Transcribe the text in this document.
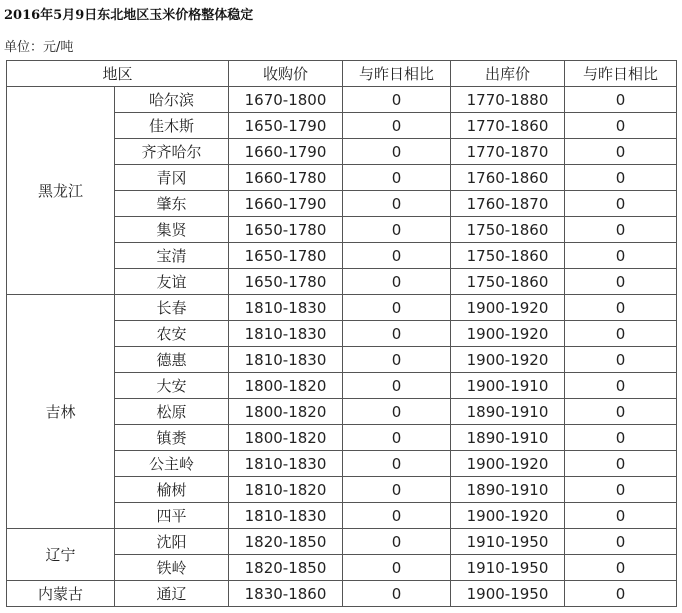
2016年5月9日东北地区玉米价格整体稳定
单位：元/吨
地区		收购价	与昨日相比	出库价	与昨日相比
黑龙江	哈尔滨	1670-1800	0	1770-1880	0
	佳木斯	1650-1790	0	1770-1860	0
	齐齐哈尔	1660-1790	0	1770-1870	0
	青冈	1660-1780	0	1760-1860	0
	肇东	1660-1790	0	1760-1870	0
	集贤	1650-1780	0	1750-1860	0
	宝清	1650-1780	0	1750-1860	0
	友谊	1650-1780	0	1750-1860	0
吉林	长春	1810-1830	0	1900-1920	0
	农安	1810-1830	0	1900-1920	0
	德惠	1810-1830	0	1900-1920	0
	大安	1800-1820	0	1900-1910	0
	松原	1800-1820	0	1890-1910	0
	镇赉	1800-1820	0	1890-1910	0
	公主岭	1810-1830	0	1900-1920	0
	榆树	1810-1820	0	1890-1910	0
	四平	1810-1830	0	1900-1920	0
辽宁	沈阳	1820-1850	0	1910-1950	0
	铁岭	1820-1850	0	1910-1950	0
内蒙古	通辽	1830-1860	0	1900-1950	0
